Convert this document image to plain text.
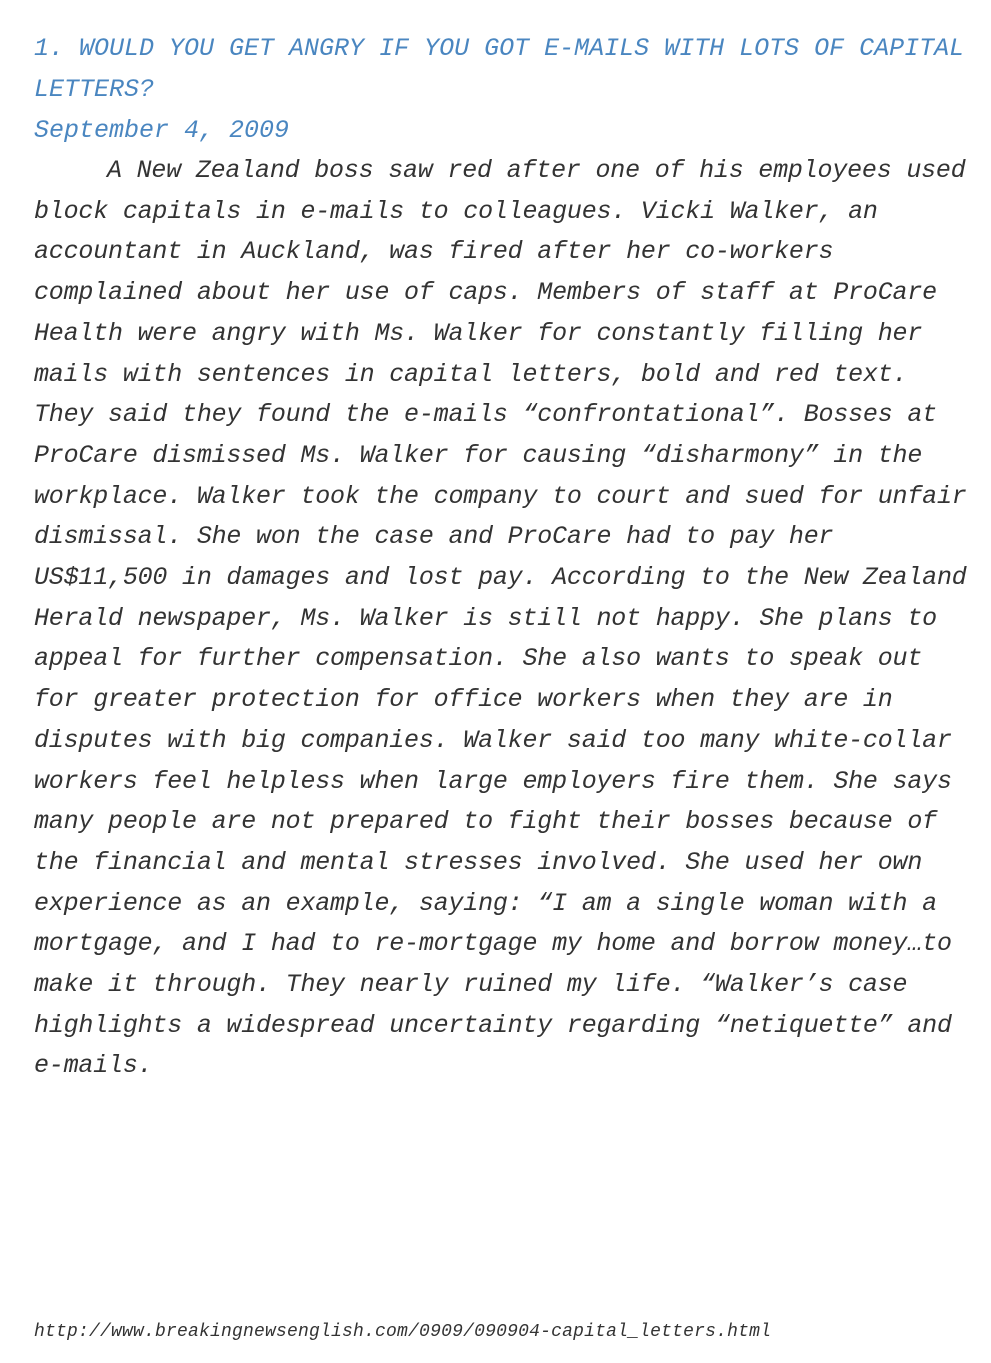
1. WOULD YOU GET ANGRY IF YOU GOT E-MAILS WITH LOTS OF CAPITAL LETTERS?

September 4, 2009

A New Zealand boss saw red after one of his employees used block capitals in e-mails to colleagues. Vicki Walker, an accountant in Auckland, was fired after her co-workers complained about her use of caps. Members of staff at ProCare Health were angry with Ms. Walker for constantly filling her mails with sentences in capital letters, bold and red text. They said they found the e-mails “confrontational”. Bosses at ProCare dismissed Ms. Walker for causing “disharmony” in the workplace. Walker took the company to court and sued for unfair dismissal. She won the case and ProCare had to pay her US$11,500 in damages and lost pay. According to the New Zealand Herald newspaper, Ms. Walker is still not happy. She plans to appeal for further compensation. She also wants to speak out for greater protection for office workers when they are in disputes with big companies. Walker said too many white-collar workers feel helpless when large employers fire them. She says many people are not prepared to fight their bosses because of the financial and mental stresses involved. She used her own experience as an example, saying: “I am a single woman with a mortgage, and I had to re-mortgage my home and borrow money…to make it through. They nearly ruined my life. “Walker’s case highlights a widespread uncertainty regarding “netiquette” and e-mails.

http://www.breakingnewsenglish.com/0909/090904-capital_letters.html
